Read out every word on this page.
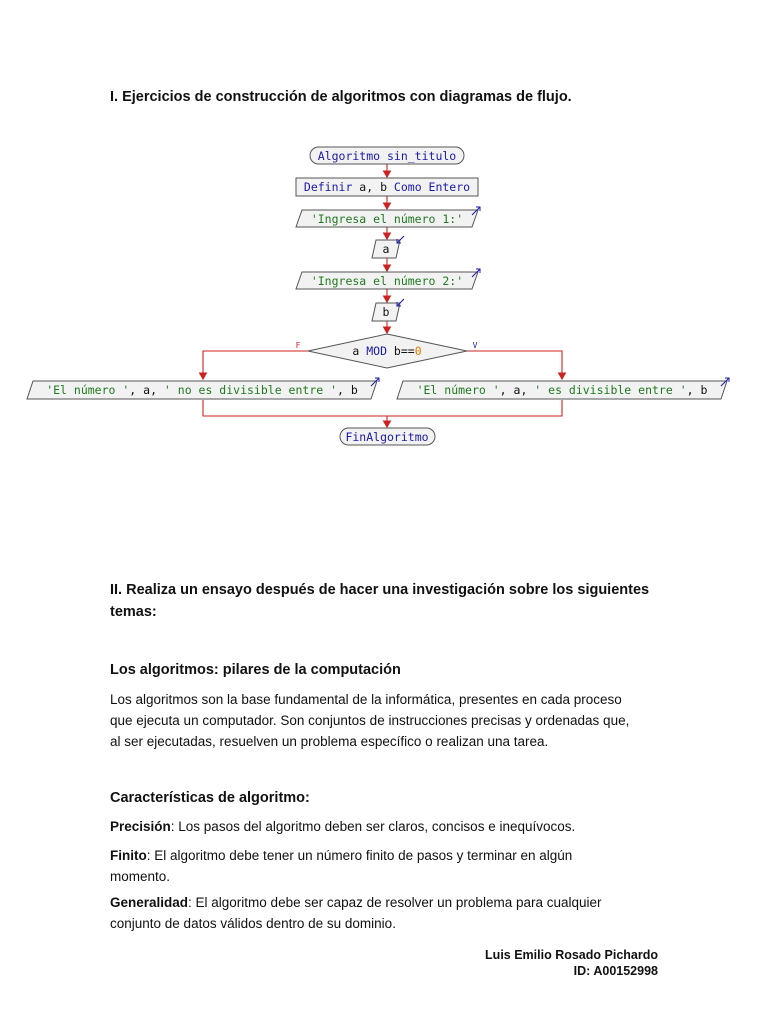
I. Ejercicios de construcción de algoritmos con diagramas de flujo.
Algoritmo sin_titulo
Definir a, b Como Entero
'Ingresa el número 1:'
a
'Ingresa el número 2:'
b
a MOD b==0
F	V
'El número ', a, ' no es divisible entre ', b	'El número ', a, ' es divisible entre ', b
FinAlgoritmo
II. Realiza un ensayo después de hacer una investigación sobre los siguientes
temas:
Los algoritmos: pilares de la computación
Los algoritmos son la base fundamental de la informática, presentes en cada proceso
que ejecuta un computador. Son conjuntos de instrucciones precisas y ordenadas que,
al ser ejecutadas, resuelven un problema específico o realizan una tarea.
Características de algoritmo:
Precisión: Los pasos del algoritmo deben ser claros, concisos e inequívocos.
Finito: El algoritmo debe tener un número finito de pasos y terminar en algún
momento.
Generalidad: El algoritmo debe ser capaz de resolver un problema para cualquier
conjunto de datos válidos dentro de su dominio.
Luis Emilio Rosado Pichardo
ID: A00152998
